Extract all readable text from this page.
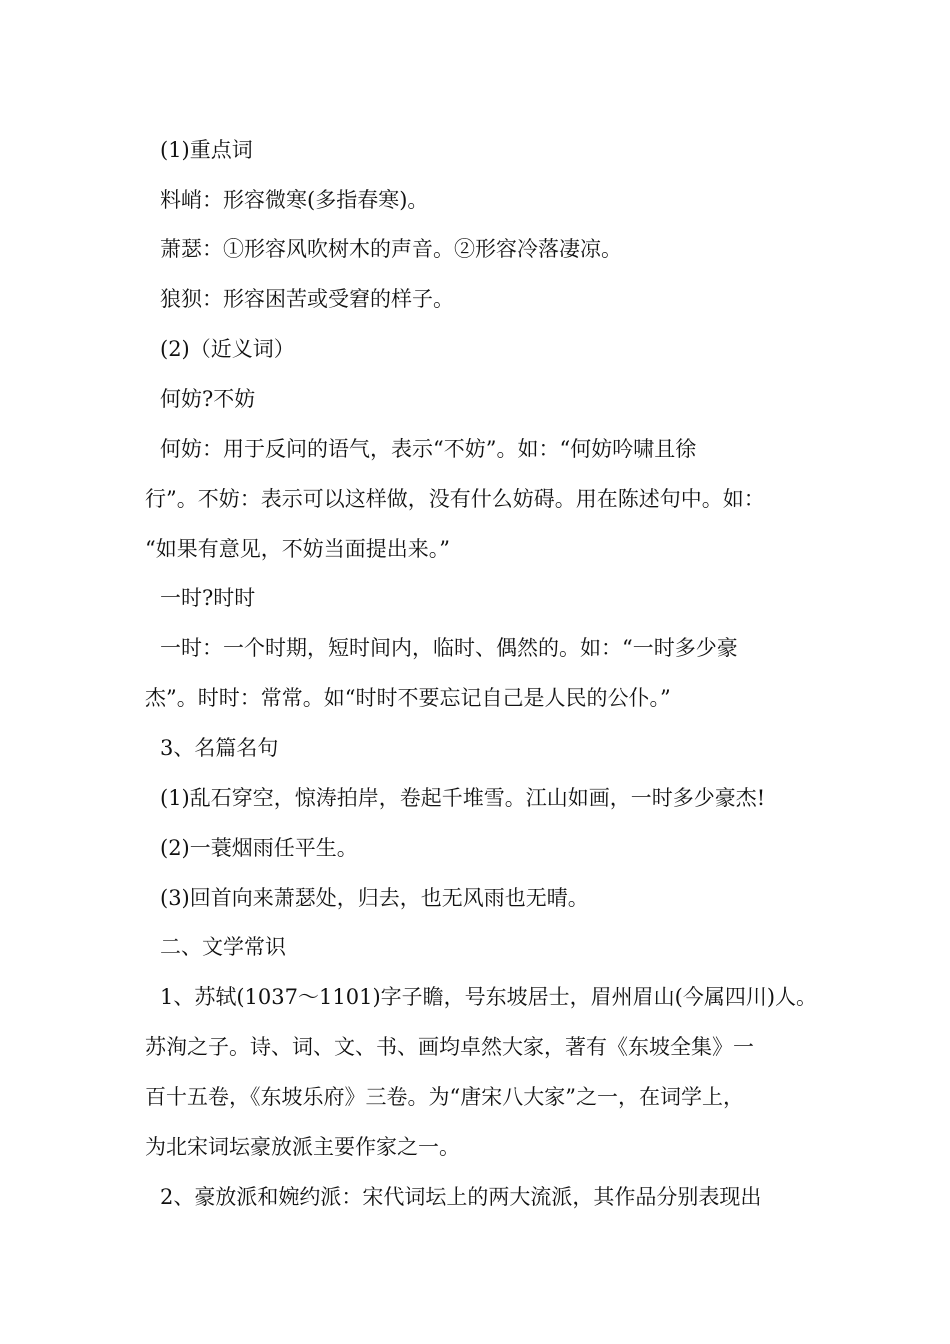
(1)重点词
料峭：形容微寒(多指春寒)。
萧瑟：①形容风吹树木的声音。②形容冷落凄凉。
狼狈：形容困苦或受窘的样子。
(2)（近义词）
何妨?不妨
何妨：用于反问的语气，表示“不妨”。如：“何妨吟啸且徐
行”。不妨：表示可以这样做，没有什么妨碍。用在陈述句中。如：
“如果有意见，不妨当面提出来。”
一时?时时
一时：一个时期，短时间内，临时、偶然的。如：“一时多少豪
杰”。时时：常常。如“时时不要忘记自己是人民的公仆。”
3、名篇名句
(1)乱石穿空，惊涛拍岸，卷起千堆雪。江山如画，一时多少豪杰!
(2)一蓑烟雨任平生。
(3)回首向来萧瑟处，归去，也无风雨也无晴。
二、文学常识
1、苏轼(1037～1101)字子瞻，号东坡居士，眉州眉山(今属四川)人。
苏洵之子。诗、词、文、书、画均卓然大家，著有《东坡全集》一
百十五卷，《东坡乐府》三卷。为“唐宋八大家”之一，在词学上，
为北宋词坛豪放派主要作家之一。
2、豪放派和婉约派：宋代词坛上的两大流派，其作品分别表现出
